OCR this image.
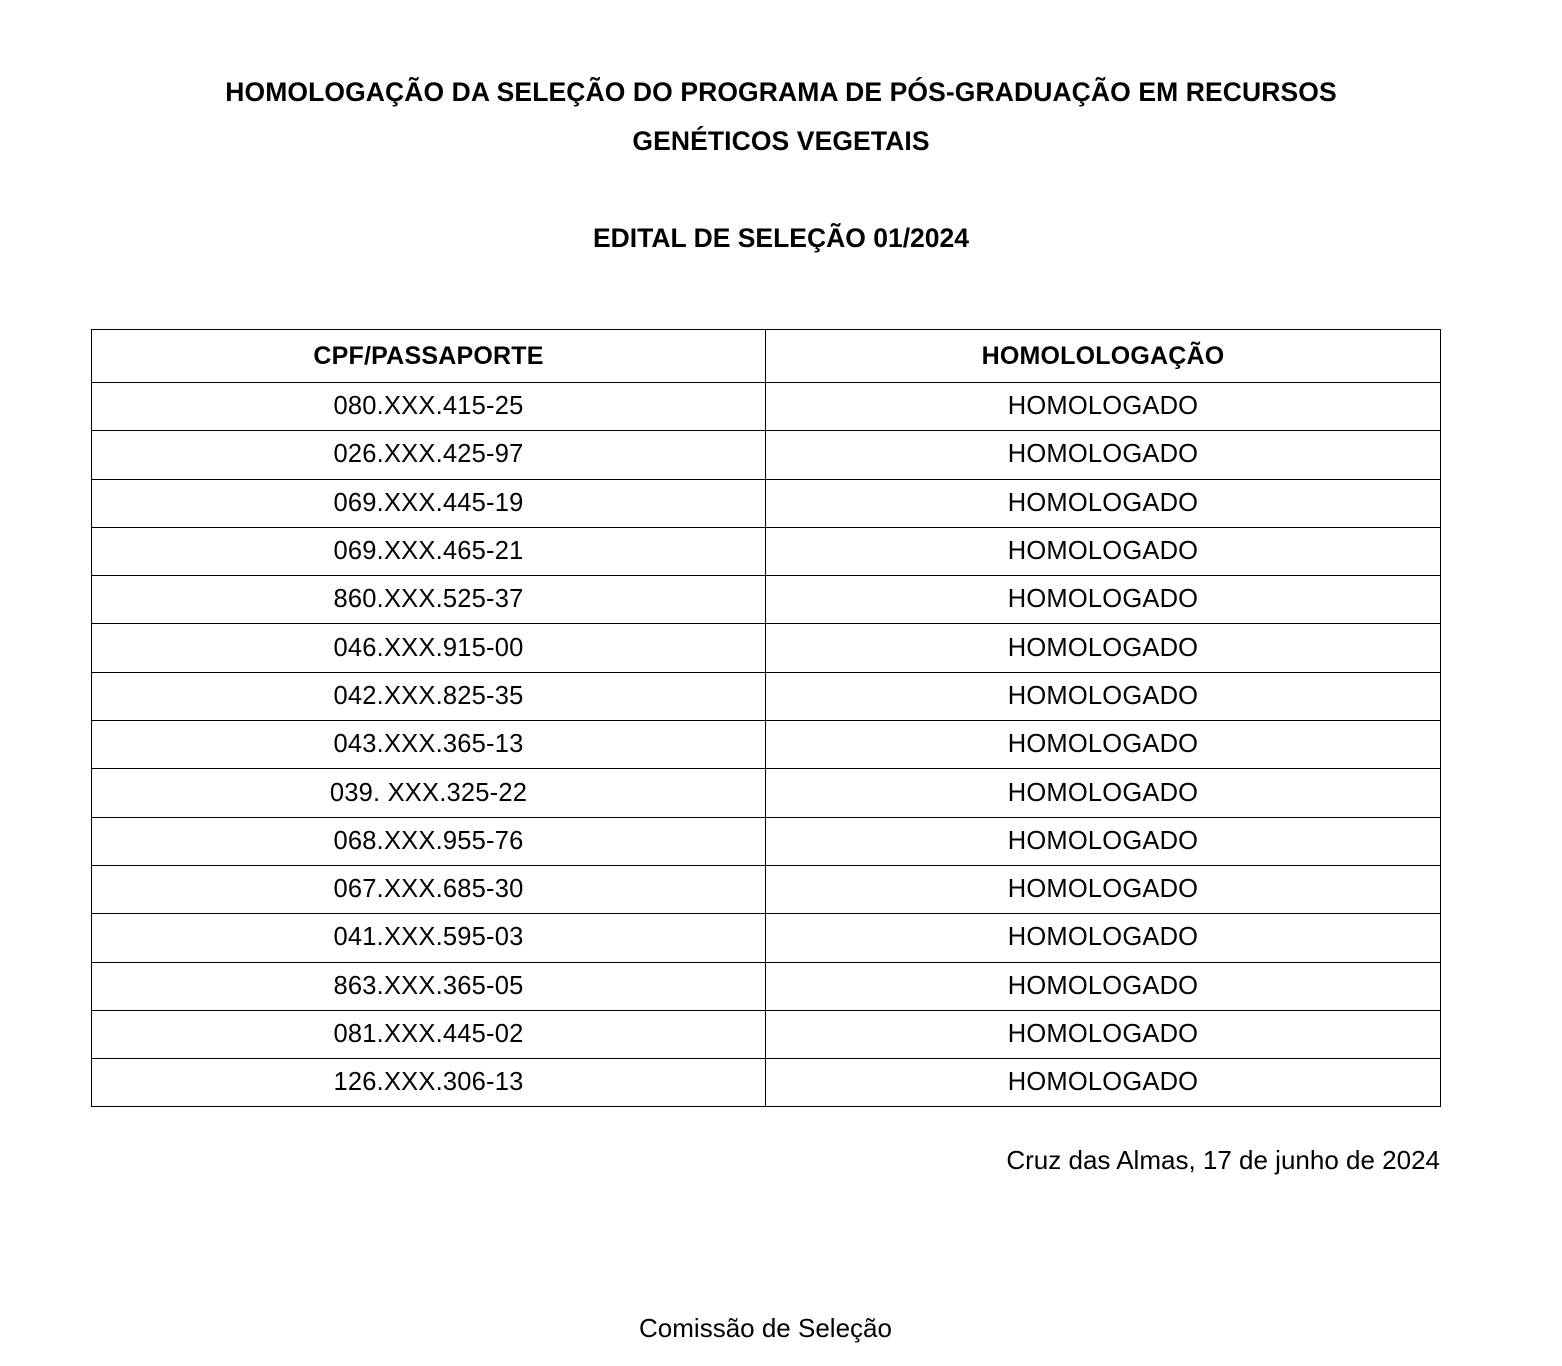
HOMOLOGAÇÃO DA SELEÇÃO DO PROGRAMA DE PÓS-GRADUAÇÃO EM RECURSOS
GENÉTICOS VEGETAIS
EDITAL DE SELEÇÃO 01/2024
CPF/PASSAPORTE	HOMOLOLOGAÇÃO
080.XXX.415-25	HOMOLOGADO
026.XXX.425-97	HOMOLOGADO
069.XXX.445-19	HOMOLOGADO
069.XXX.465-21	HOMOLOGADO
860.XXX.525-37	HOMOLOGADO
046.XXX.915-00	HOMOLOGADO
042.XXX.825-35	HOMOLOGADO
043.XXX.365-13	HOMOLOGADO
039. XXX.325-22	HOMOLOGADO
068.XXX.955-76	HOMOLOGADO
067.XXX.685-30	HOMOLOGADO
041.XXX.595-03	HOMOLOGADO
863.XXX.365-05	HOMOLOGADO
081.XXX.445-02	HOMOLOGADO
126.XXX.306-13	HOMOLOGADO
Cruz das Almas, 17 de junho de 2024
Comissão de Seleção
